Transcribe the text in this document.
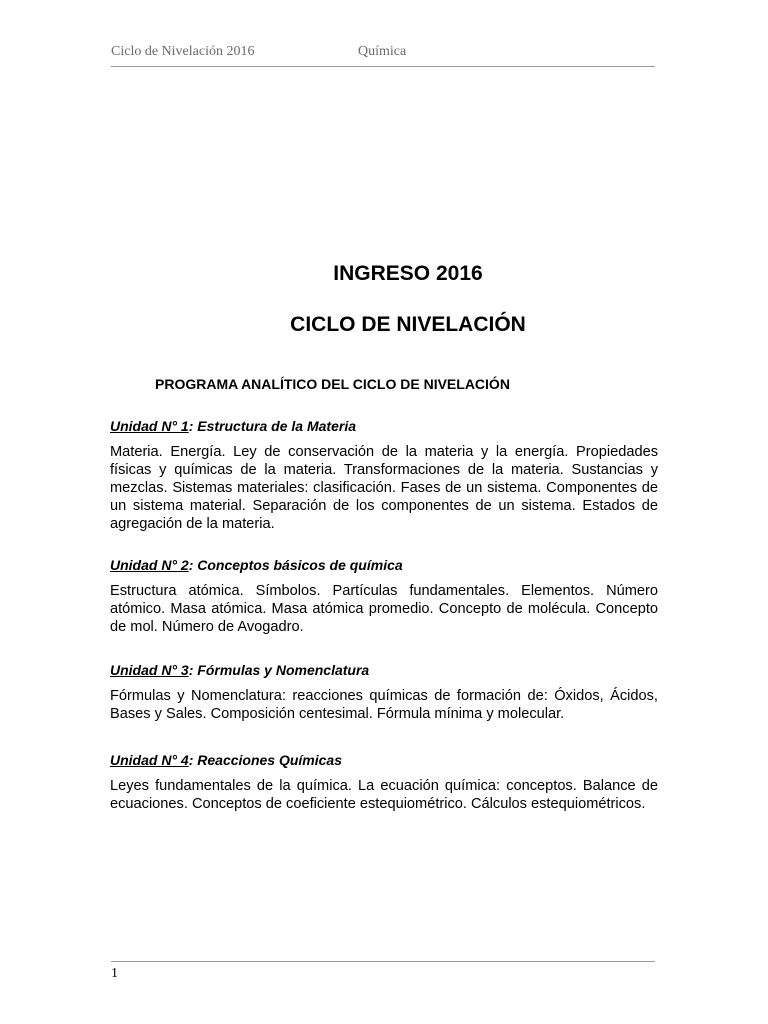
Ciclo de Nivelación 2016	Química
INGRESO 2016
CICLO DE NIVELACIÓN
PROGRAMA ANALÍTICO DEL CICLO DE NIVELACIÓN

Unidad N° 1: Estructura de la Materia

Materia. Energía. Ley de conservación de la materia y la energía. Propiedades físicas y químicas de la materia. Transformaciones de la materia. Sustancias y mezclas. Sistemas materiales: clasificación. Fases de un sistema. Componentes de un sistema material. Separación de los componentes de un sistema. Estados de agregación de la materia.

Unidad N° 2: Conceptos básicos de química

Estructura atómica. Símbolos. Partículas fundamentales. Elementos. Número atómico. Masa atómica. Masa atómica promedio. Concepto de molécula. Concepto de mol. Número de Avogadro.

Unidad N° 3: Fórmulas y Nomenclatura

Fórmulas y Nomenclatura: reacciones químicas de formación de: Óxidos, Ácidos, Bases y Sales. Composición centesimal. Fórmula mínima y molecular.

Unidad N° 4: Reacciones Químicas

Leyes fundamentales de la química. La ecuación química: conceptos. Balance de ecuaciones. Conceptos de coeficiente estequiométrico. Cálculos estequiométricos.

1
